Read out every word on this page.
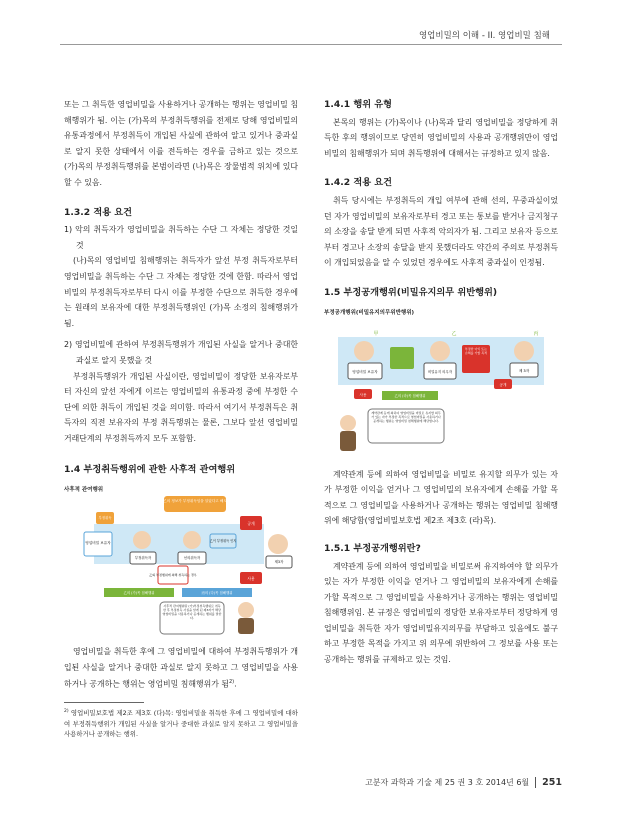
영업비밀의 이해 - II. 영업비밀 침해

또는 그 취득한 영업비밀을 사용하거나 공개하는 행위는 영업비밀 침해행위가 됨. 이는 (가)목의 부정취득행위를 전제로 당해 영업비밀의 유통과정에서 부정취득이 개입된 사실에 관하여 알고 있거나 중과실로 알지 못한 상태에서 이를 전득하는 경우를 금하고 있는 것으로 (가)목의 부정취득행위를 본범이라면 (나)목은 장물범적 위치에 있다 할 수 있음.

1.3.2 적용 요건

1) 악의 취득자가 영업비밀을 취득하는 수단 그 자체는 정당한 것일 것

(나)목의 영업비밀 침해행위는 취득자가 앞선 부정 취득자로부터 영업비밀을 취득하는 수단 그 자체는 정당한 것에 한함. 따라서 영업비밀의 부정취득자로부터 다시 이를 부정한 수단으로 취득한 경우에는 원래의 보유자에 대한 부정취득행위인 (가)목 소정의 침해행위가 됨.

2) 영업비밀에 관하여 부정취득행위가 개입된 사실을 알거나 중대한 과실로 알지 못했을 것

부정취득행위가 개입된 사실이란, 영업비밀이 정당한 보유자로부터 자신의 앞선 자에게 이르는 영업비밀의 유통과정 중에 부정한 수단에 의한 취득이 개입된 것을 의미함. 따라서 여기서 부정취득은 취득자의 직전 보유자의 부정 취득행위는 물론, 그보다 앞선 영업비밀 거래단계의 부정취득까지 모두 포함함.

1.4 부정취득행위에 관한 사후적 관여행위

사후적 관여행위
乙의 정보가 부정취득임을 알았다고 해도
영업비밀 보유자
부정취득
부정취득자	선의취득자
乙이 부정취득 인지
공개
제3자
사용
乙의 부정행위에 의해 취득하는 경우
乙의 (가)목 침해행위	丙의 (다)목 침해행위
사후적 관여행위란 (가)부정취득행위로 취득한 후 부정취득 사실을 알게 된 제3자가 해당 영업비밀을 사용하거나 공개하는 행위를 말한다.

영업비밀을 취득한 후에 그 영업비밀에 대하여 부정취득행위가 개입된 사실을 알거나 중대한 과실로 알지 못하고 그 영업비밀을 사용하거나 공개하는 행위는 영업비밀 침해행위가 됨$^{2)}$.

$^{2)}$ 영업비밀보호법 제2조 제3호 (다)목: 영업비밀을 취득한 후에 그 영업비밀에 대하여 부정취득행위가 개입된 사실을 알거나 중대한 과실로 알지 못하고 그 영업비밀을 사용하거나 공개하는 행위.

1.4.1 행위 유형

본목의 행위는 (가)목이나 (나)목과 달리 영업비밀을 정당하게 취득한 후의 행위이므로 당연히 영업비밀의 사용과 공개행위만이 영업비밀의 침해행위가 되며 취득행위에 대해서는 규정하고 있지 않음.

1.4.2 적용 요건

취득 당시에는 부정취득의 개입 여부에 관해 선의, 무중과실이었던 자가 영업비밀의 보유자로부터 경고 또는 통보를 받거나 금지청구의 소장을 송달 받게 되면 사후적 악의자가 됨. 그리고 보유자 등으로부터 경고나 소장의 송달을 받지 못했더라도 약간의 주의로 부정취득이 개입되었음을 알 수 있었던 경우에도 사후적 중과실이 인정됨.

1.5 부정공개행위(비밀유지의무 위반행위)

부정공개행위(비밀유지의무위반행위)
영업비밀 보유자
甲	乙
비밀유지 의무자
부정한 이익 또는 손해를 가할 목적
丙
제 3자
사용
공개
乙의 (라)목 침해행위
계약관계 등에 의하여 영업비밀을 비밀로 유지할 의무가 있는 자가 부정한 목적으로 영업비밀을 사용하거나 공개하는 행위는 영업비밀 침해행위에 해당합니다.

계약관계 등에 의하여 영업비밀을 비밀로 유지할 의무가 있는 자가 부정한 이익을 얻거나 그 영업비밀의 보유자에게 손해를 가할 목적으로 그 영업비밀을 사용하거나 공개하는 행위는 영업비밀 침해행위에 해당함(영업비밀보호법 제2조 제3호 (라)목).

1.5.1 부정공개행위란?

계약관계 등에 의하여 영업비밀을 비밀로써 유지하여야 할 의무가 있는 자가 부정한 이익을 얻거나 그 영업비밀의 보유자에게 손해를 가할 목적으로 그 영업비밀을 사용하거나 공개하는 행위는 영업비밀 침해행위임. 본 규정은 영업비밀의 정당한 보유자로부터 정당하게 영업비밀을 취득한 자가 영업비밀유지의무를 부담하고 있음에도 불구하고 부정한 목적을 가지고 위 의무에 위반하여 그 정보를 사용 또는 공개하는 행위를 규제하고 있는 것임.

고분자 과학과 기술 제 25 권 3 호 2014년 6월 251
